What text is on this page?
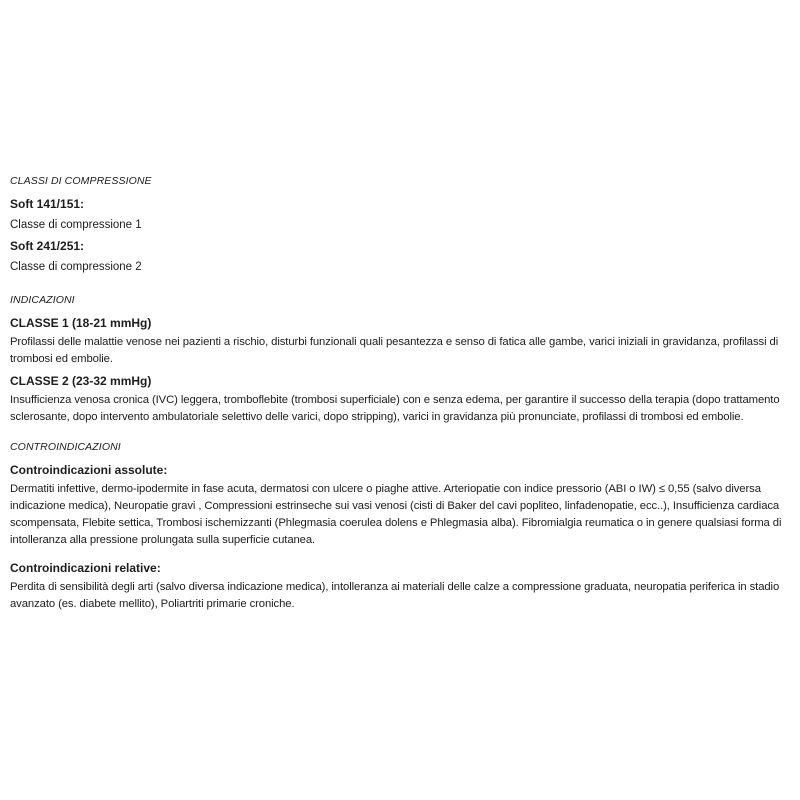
CLASSI DI COMPRESSIONE

Soft 141/151:

Classe di compressione 1

Soft 241/251:

Classe di compressione 2

INDICAZIONI
CLASSE 1 (18-21 mmHg)

Profilassi delle malattie venose nei pazienti a rischio, disturbi funzionali quali pesantezza e senso di fatica alle gambe, varici iniziali in gravidanza, profilassi di trombosi ed embolie.

CLASSE 2 (23-32 mmHg)

Insufficienza venosa cronica (IVC) leggera, tromboflebite (trombosi superficiale) con e senza edema, per garantire il successo della terapia (dopo trattamento sclerosante, dopo intervento ambulatoriale selettivo delle varici, dopo stripping), varici in gravidanza più pronunciate, profilassi di trombosi ed embolie.

CONTROINDICAZIONI
Controindicazioni assolute:

Dermatiti infettive, dermo-ipodermite in fase acuta, dermatosi con ulcere o piaghe attive. Arteriopatie con indice pressorio (ABI o IW) ≤ 0,55 (salvo diversa indicazione medica), Neuropatie gravi , Compressioni estrinseche sui vasi venosi (cisti di Baker del cavi popliteo, linfadenopatie, ecc..), Insufficienza cardiaca scompensata, Flebite settica, Trombosi ischemizzanti (Phlegmasia coerulea dolens e Phlegmasia alba). Fibromialgia reumatica o in genere qualsiasi forma di intolleranza alla pressione prolungata sulla superficie cutanea.

Controindicazioni relative:

Perdita di sensibilità degli arti (salvo diversa indicazione medica), intolleranza ai materiali delle calze a compressione graduata, neuropatia periferica in stadio avanzato (es. diabete mellito), Poliartriti primarie croniche.
